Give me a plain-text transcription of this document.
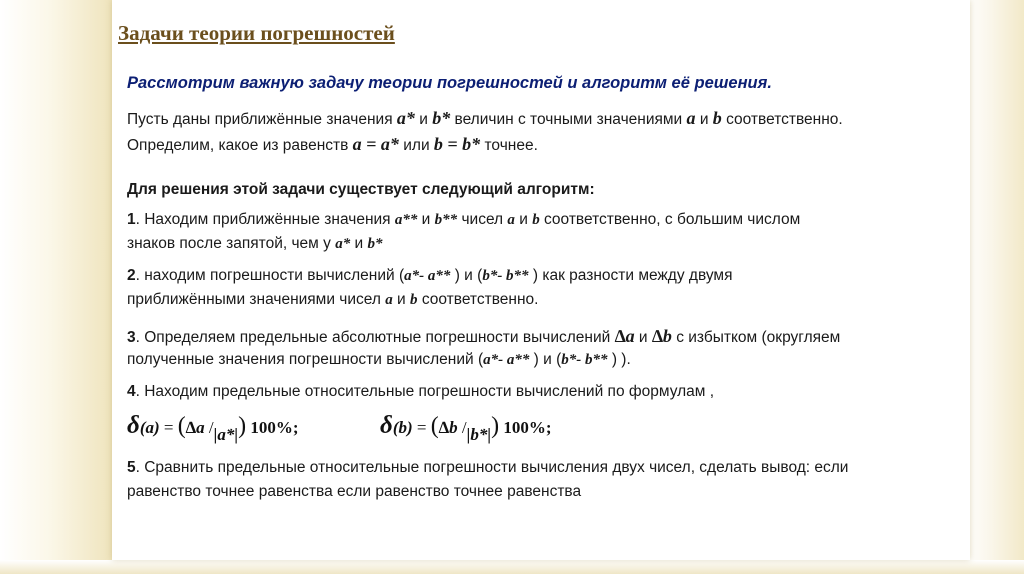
Задачи теории погрешностей
Рассмотрим важную задачу теории погрешностей и алгоритм её решения.
Пусть даны приближённые значения a* и b* величин с точными значениями a и b соответственно.
Определим, какое из равенств a = a* или b = b* точнее.
Для решения этой задачи существует следующий алгоритм:
1. Находим приближённые значения a** и b** чисел a и b соответственно, с большим числом
знаков после запятой, чем у a* и b*
2. находим погрешности вычислений (a*- a** ) и (b*- b** ) как разности между двумя
приближёнными значениями чисел a и b соответственно.
3. Определяем предельные абсолютные погрешности вычислений ∆a и ∆b с избытком (округляем
полученные значения погрешности вычислений (a*- a** ) и (b*- b** ) ).
4. Находим предельные относительные погрешности вычислений по формулам ,
δ(a) = (∆a /|a*|) 100%;	δ(b) = (∆b /|b*|) 100%;
5. Сравнить предельные относительные погрешности вычисления двух чисел, сделать вывод: если
равенство точнее равенства если равенство точнее равенства
